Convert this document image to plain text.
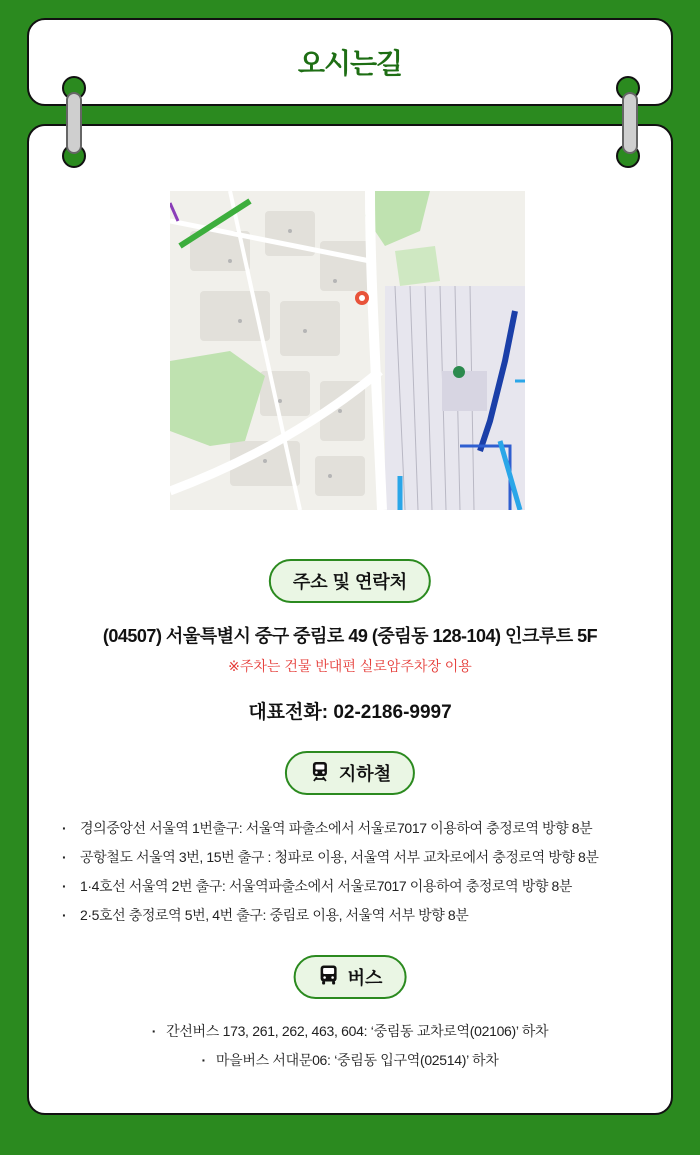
오시는길
주소 및 연락처
(04507) 서울특별시 중구 중림로 49 (중림동 128-104) 인크루트 5F
※주차는 건물 반대편 실로암주차장 이용
대표전화: 02-2186-9997
지하철
· 경의중앙선 서울역 1번출구: 서울역 파출소에서 서울로7017 이용하여 충정로역 방향 8분
· 공항철도 서울역 3번, 15번 출구 : 청파로 이용, 서울역 서부 교차로에서 충정로역 방향 8분
· 1·4호선 서울역 2번 출구: 서울역파출소에서 서울로7017 이용하여 충정로역 방향 8분
· 2·5호선 충정로역 5번, 4번 출구: 중림로 이용, 서울역 서부 방향 8분
버스
· 간선버스 173, 261, 262, 463, 604: ‘중림동 교차로역(02106)’ 하차
· 마을버스 서대문06: ‘중림동 입구역(02514)’ 하차
